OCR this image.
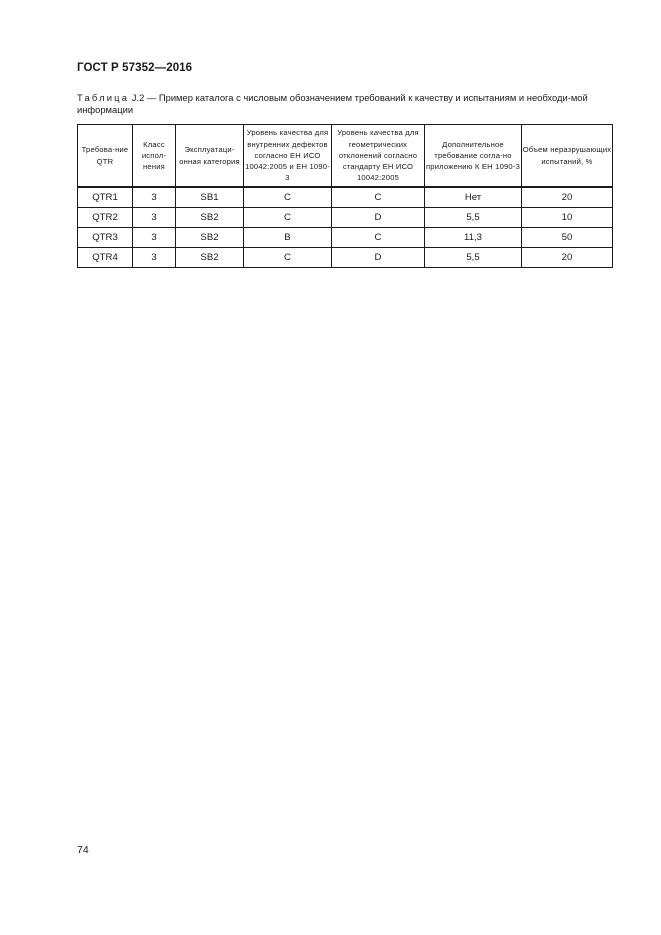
ГОСТ Р 57352—2016
Таблица J.2 — Пример каталога с числовым обозначением требований к качеству и испытаниям и необходи-мой информации
Требова-ние QTR	Класс испол-нения	Эксплуатаци-онная категория	Уровень качества для внутренних дефектов согласно ЕН ИСО 10042:2005 и ЕН 1090-3	Уровень качества для геометрических отклонений согласно стандарту ЕН ИСО 10042:2005	Дополнительное требование согла-но приложению К ЕН 1090-3	Объем неразрушающих испытаний, %
QTR1	3	SB1	C	C	Нет	20
QTR2	3	SB2	C	D	5,5	10
QTR3	3	SB2	B	C	11,3	50
QTR4	3	SB2	C	D	5,5	20
74
